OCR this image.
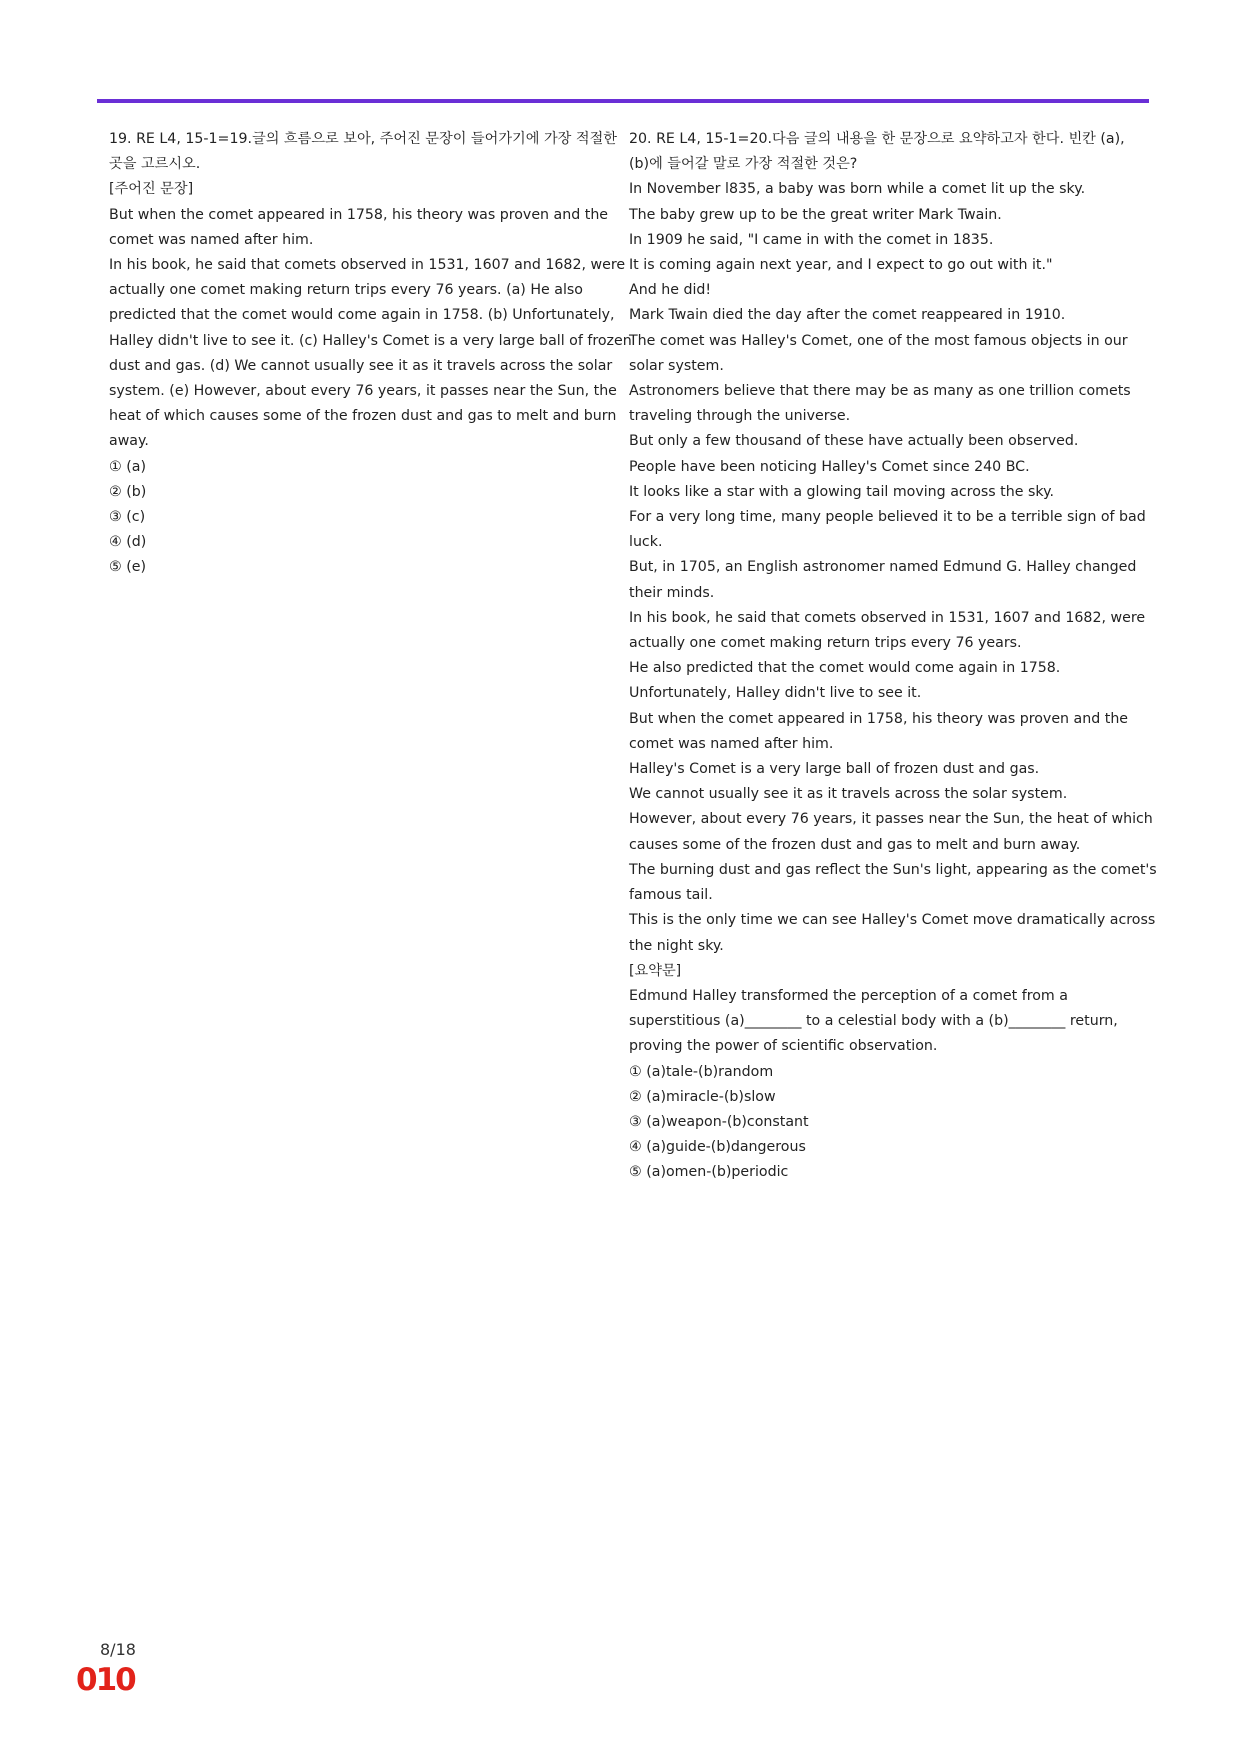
19. RE L4, 15-1=19.글의 흐름으로 보아, 주어진 문장이 들어가기에 가장 적절한
곳을 고르시오.
[주어진 문장]
But when the comet appeared in 1758, his theory was proven and the
comet was named after him.
In his book, he said that comets observed in 1531, 1607 and 1682, were
actually one comet making return trips every 76 years. (a) He also
predicted that the comet would come again in 1758. (b) Unfortunately,
Halley didn't live to see it. (c) Halley's Comet is a very large ball of frozen
dust and gas. (d) We cannot usually see it as it travels across the solar
system. (e) However, about every 76 years, it passes near the Sun, the
heat of which causes some of the frozen dust and gas to melt and burn
away.
① (a)
② (b)
③ (c)
④ (d)
⑤ (e)
20. RE L4, 15-1=20.다음 글의 내용을 한 문장으로 요약하고자 한다. 빈칸 (a),
(b)에 들어갈 말로 가장 적절한 것은?
In November l835, a baby was born while a comet lit up the sky.
The baby grew up to be the great writer Mark Twain.
In 1909 he said, "I came in with the comet in 1835.
It is coming again next year, and I expect to go out with it."
And he did!
Mark Twain died the day after the comet reappeared in 1910.
The comet was Halley's Comet, one of the most famous objects in our
solar system.
Astronomers believe that there may be as many as one trillion comets
traveling through the universe.
But only a few thousand of these have actually been observed.
People have been noticing Halley's Comet since 240 BC.
It looks like a star with a glowing tail moving across the sky.
For a very long time, many people believed it to be a terrible sign of bad
luck.
But, in 1705, an English astronomer named Edmund G. Halley changed
their minds.
In his book, he said that comets observed in 1531, 1607 and 1682, were
actually one comet making return trips every 76 years.
He also predicted that the comet would come again in 1758.
Unfortunately, Halley didn't live to see it.
But when the comet appeared in 1758, his theory was proven and the
comet was named after him.
Halley's Comet is a very large ball of frozen dust and gas.
We cannot usually see it as it travels across the solar system.
However, about every 76 years, it passes near the Sun, the heat of which
causes some of the frozen dust and gas to melt and burn away.
The burning dust and gas reflect the Sun's light, appearing as the comet's
famous tail.
This is the only time we can see Halley's Comet move dramatically across
the night sky.
[요약문]
Edmund Halley transformed the perception of a comet from a
superstitious (a)________ to a celestial body with a (b)________ return,
proving the power of scientific observation.
① (a)tale-(b)random
② (a)miracle-(b)slow
③ (a)weapon-(b)constant
④ (a)guide-(b)dangerous
⑤ (a)omen-(b)periodic
8/18
010
